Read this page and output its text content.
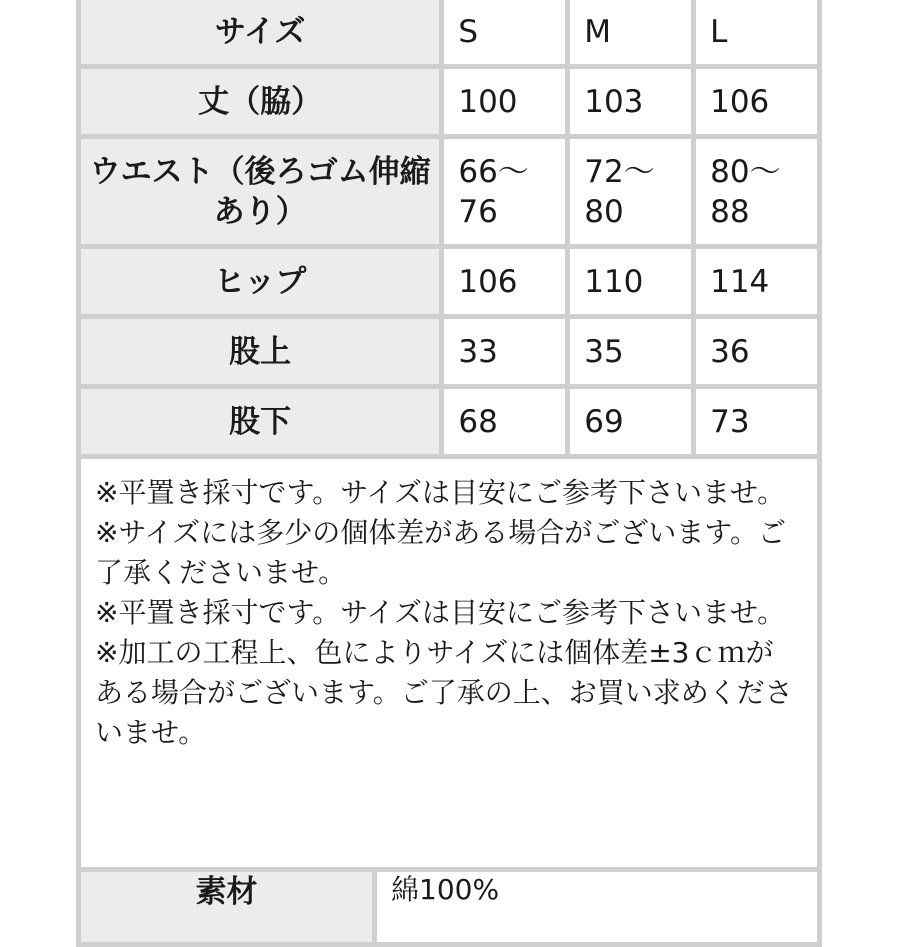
サイズ	S	M	L
丈（脇）	100	103	106
ウエスト（後ろゴム伸縮あり）	66〜76	72〜80	80〜88
ヒップ	106	110	114
股上	33	35	36
股下	68	69	73
※平置き採寸です。サイズは目安にご参考下さいませ。
※サイズには多少の個体差がある場合がございます。ご了承くださいませ。
※平置き採寸です。サイズは目安にご参考下さいませ。
※加工の工程上、色によりサイズには個体差±3ｃｍがある場合がございます。ご了承の上、お買い求めくださいませ。
素材	綿100%
